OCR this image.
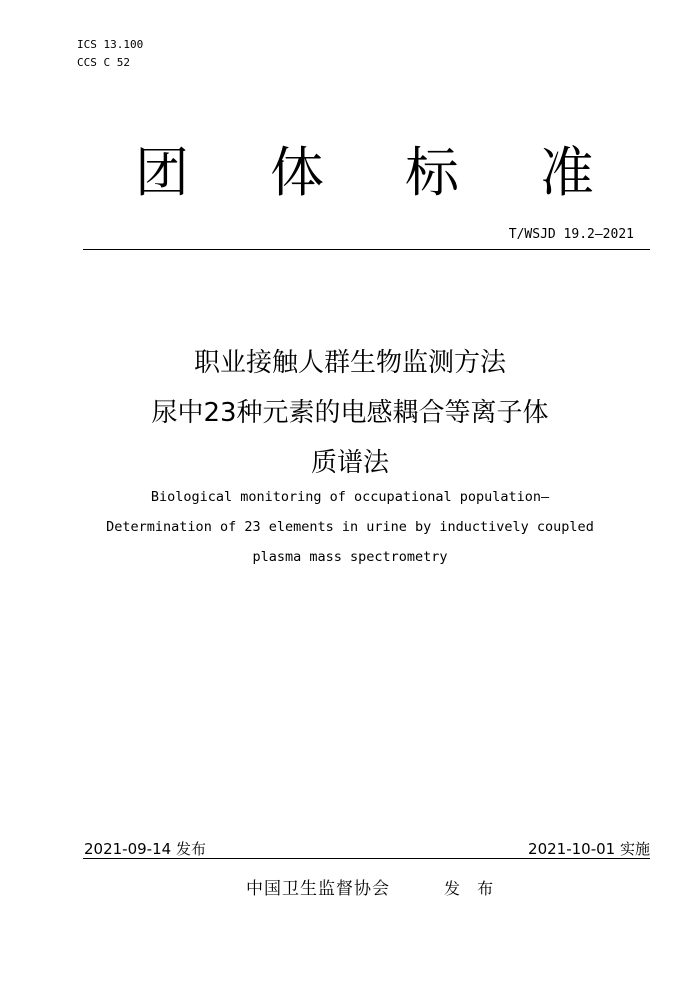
ICS 13.100
CCS C 52
团 体 标 准
T/WSJD 19.2—2021
职业接触人群生物监测方法
尿中23种元素的电感耦合等离子体
质谱法
Biological monitoring of occupational population—
Determination of 23 elements in urine by inductively coupled
plasma mass spectrometry
2021-09-14 发布	2021-10-01 实施
中国卫生监督协会	发 布
